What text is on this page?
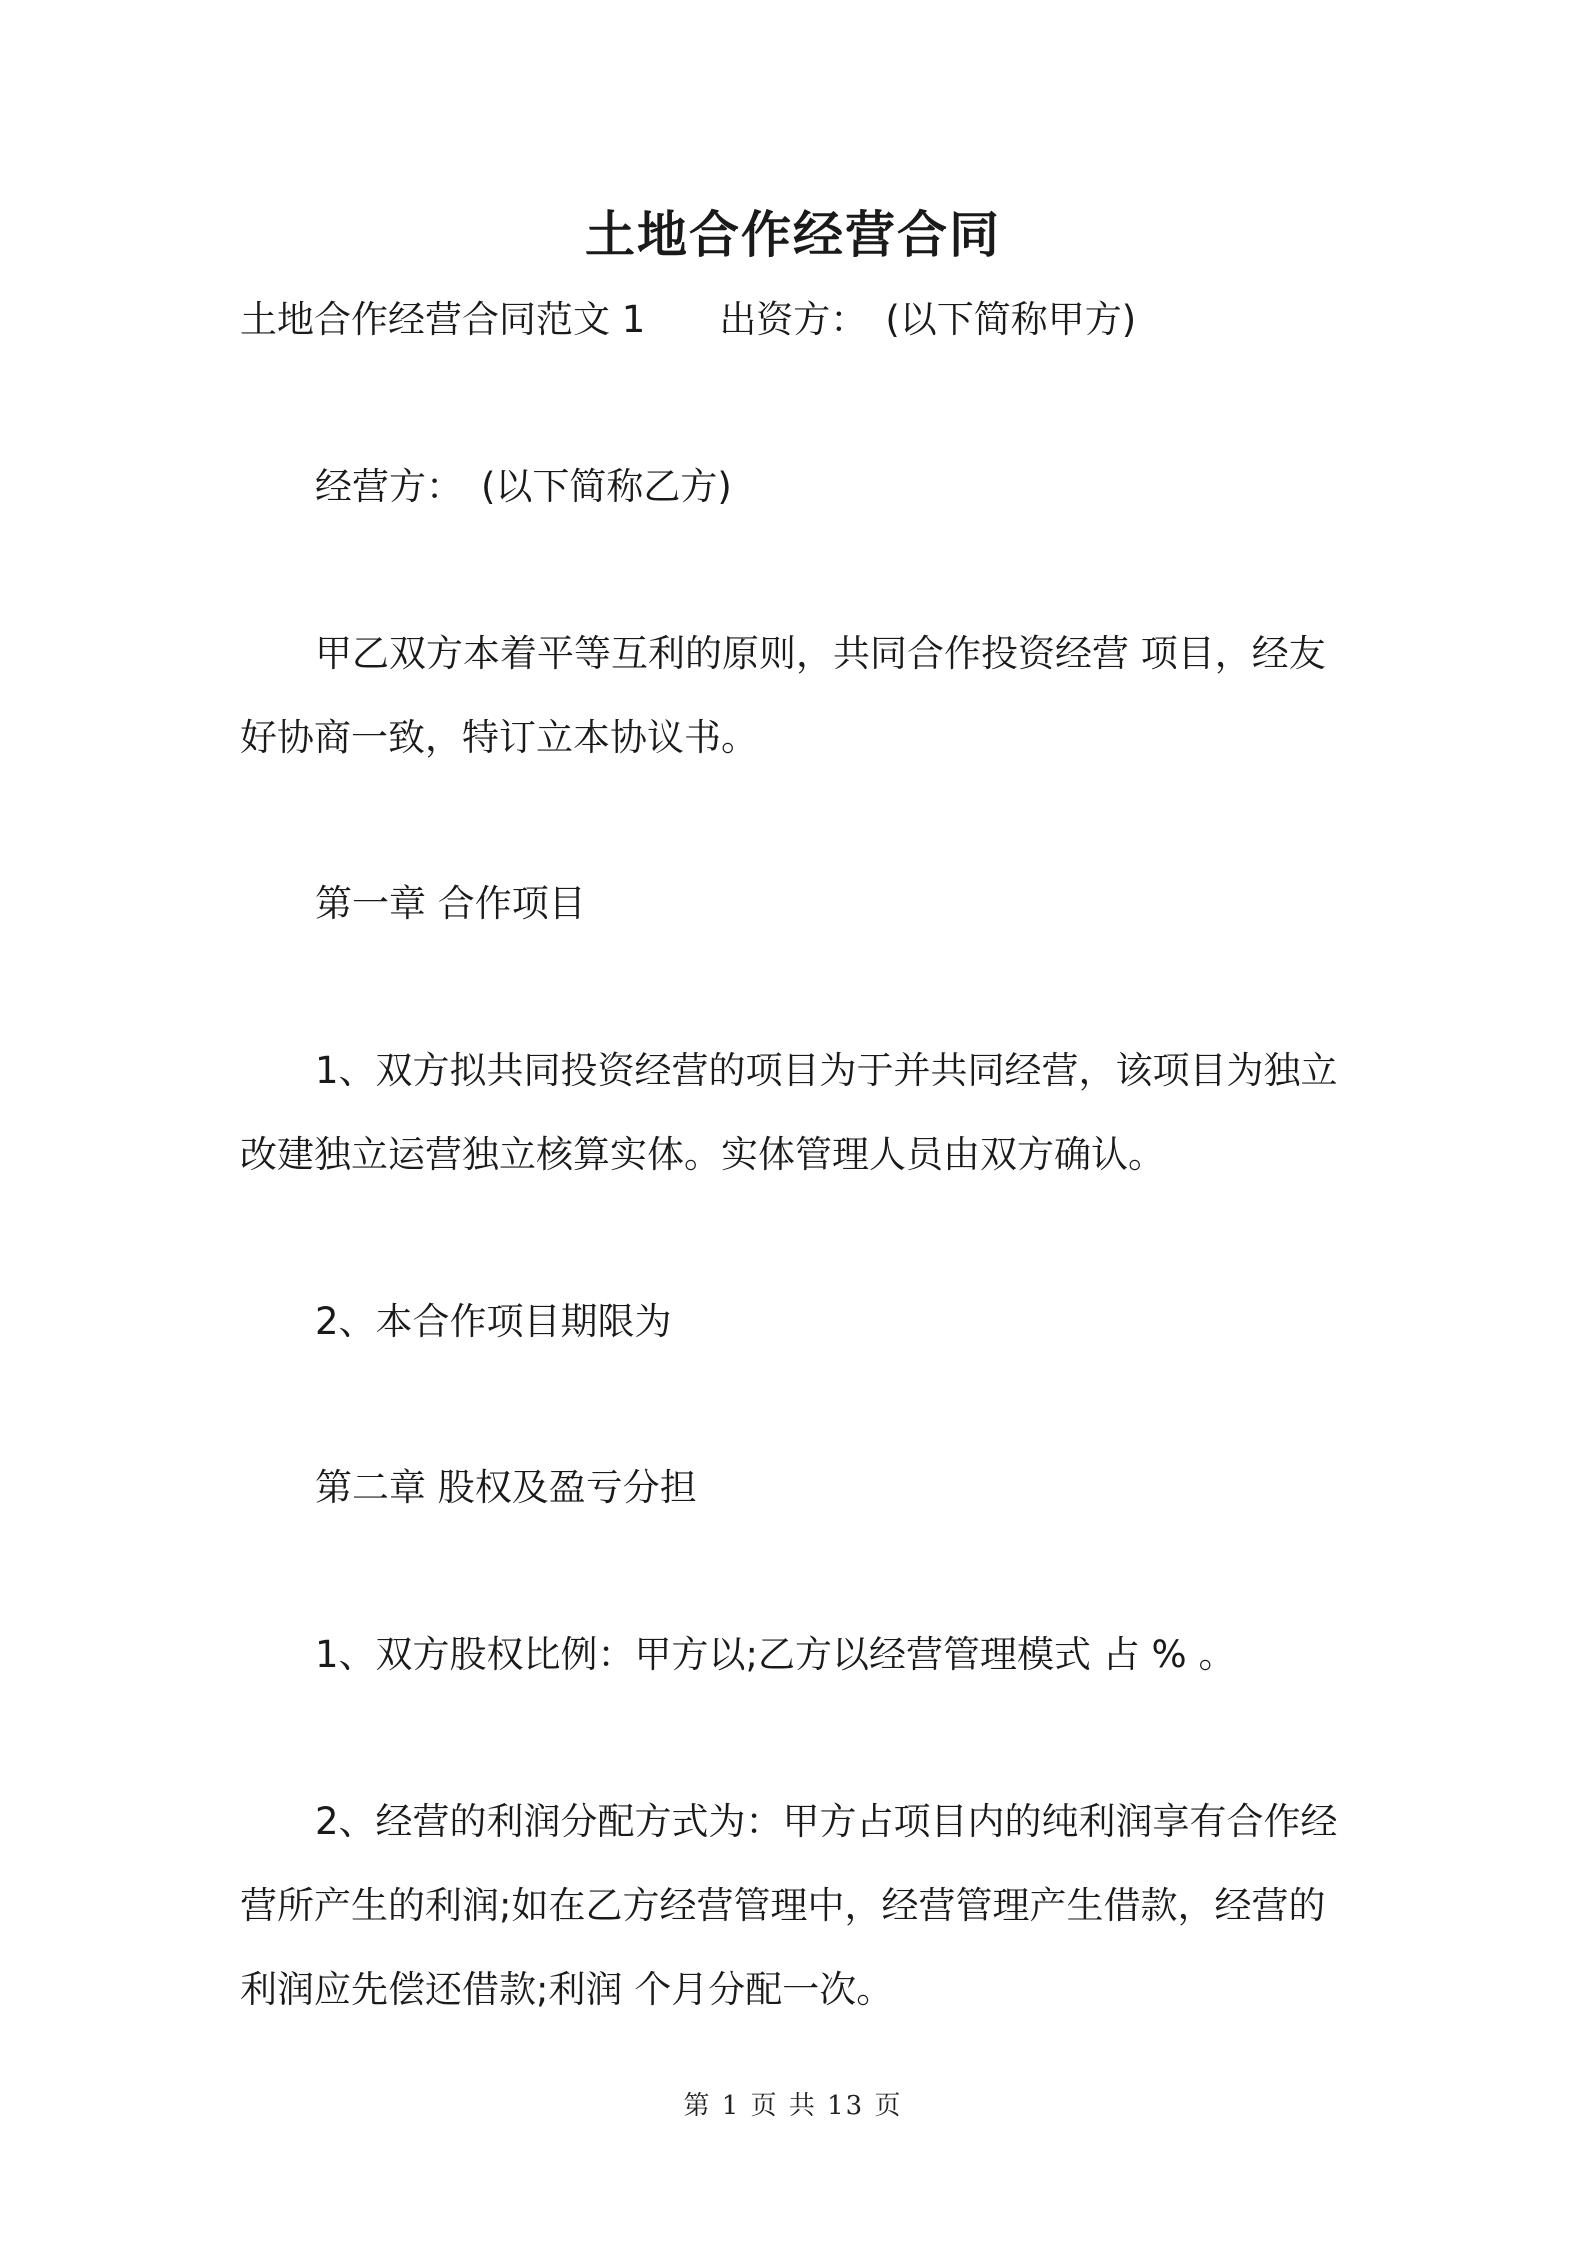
土地合作经营合同
土地合作经营合同范文 1 出资方： (以下简称甲方)
经营方： (以下简称乙方)
甲乙双方本着平等互利的原则，共同合作投资经营 项目，经友
好协商一致，特订立本协议书。
第一章 合作项目
1、双方拟共同投资经营的项目为于并共同经营，该项目为独立
改建独立运营独立核算实体。实体管理人员由双方确认。
2、本合作项目期限为
第二章 股权及盈亏分担
1、双方股权比例：甲方以;乙方以经营管理模式 占 % 。
2、经营的利润分配方式为：甲方占项目内的纯利润享有合作经
营所产生的利润;如在乙方经营管理中，经营管理产生借款，经营的
利润应先偿还借款;利润 个月分配一次。
第 1 页 共 13 页
